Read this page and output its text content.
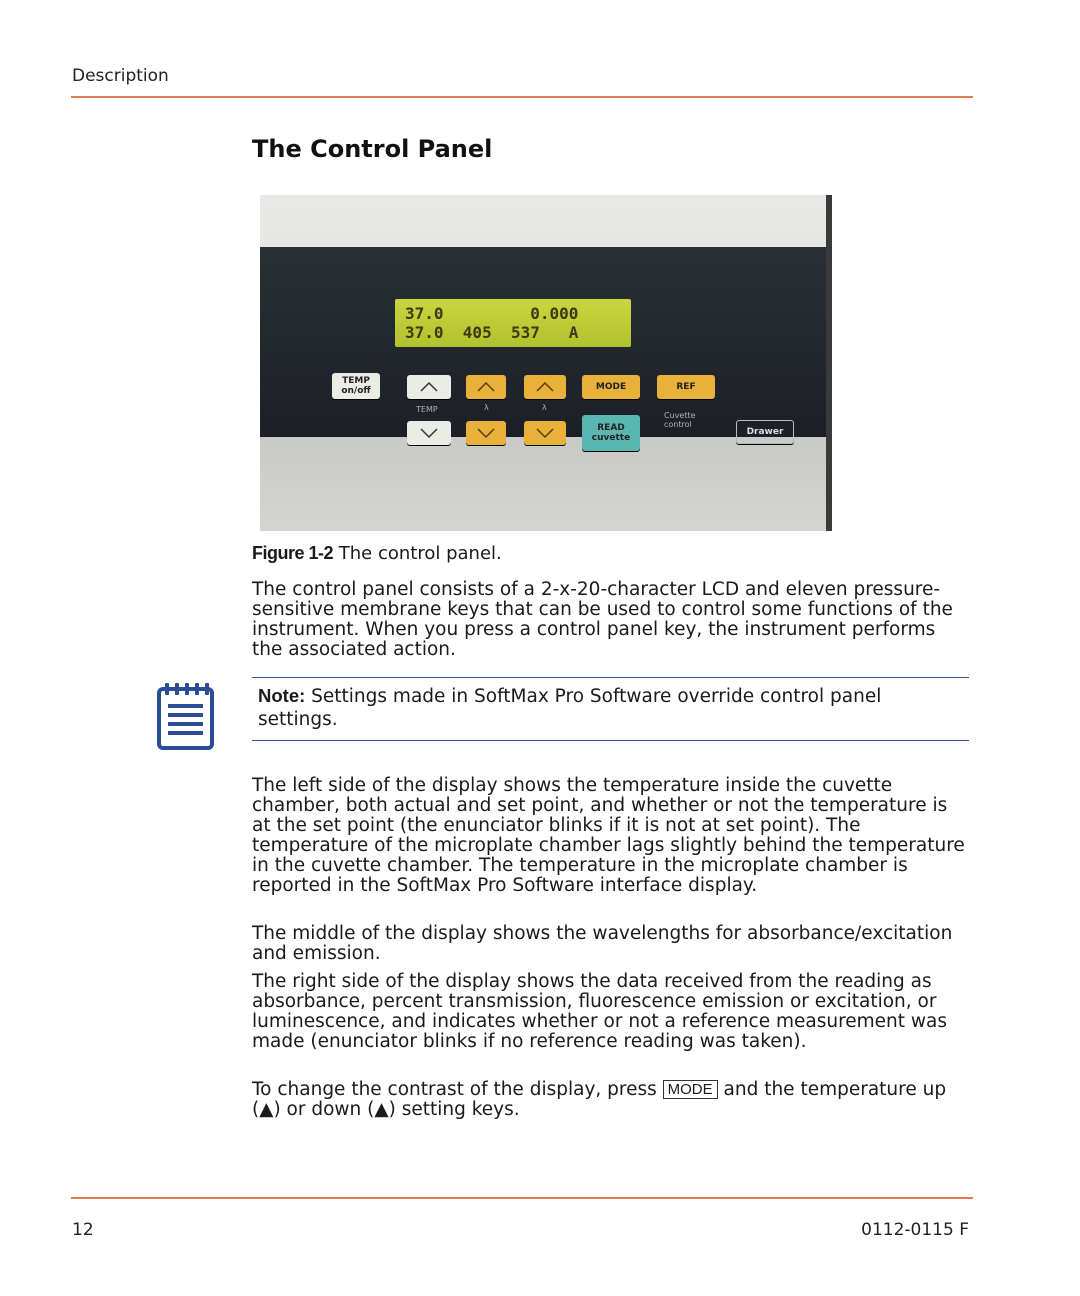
Description
The Control Panel
37.0         0.000
37.0  405  537   A
TEMP on/off
TEMP	λ	λ
MODE
READ cuvette
REF
Cuvette control
Drawer
Figure 1-2 The control panel.

The control panel consists of a 2-x-20-character LCD and eleven pressure-sensitive membrane keys that can be used to control some functions of the instrument. When you press a control panel key, the instrument performs the associated action.

Note: Settings made in SoftMax Pro Software override control panel settings.

The left side of the display shows the temperature inside the cuvette chamber, both actual and set point, and whether or not the temperature is at the set point (the enunciator blinks if it is not at set point). The temperature of the microplate chamber lags slightly behind the temperature in the cuvette chamber. The temperature in the microplate chamber is reported in the SoftMax Pro Software interface display.

The middle of the display shows the wavelengths for absorbance/excitation and emission.

The right side of the display shows the data received from the reading as absorbance, percent transmission, fluorescence emission or excitation, or luminescence, and indicates whether or not a reference measurement was made (enunciator blinks if no reference reading was taken).

To change the contrast of the display, press MODE and the temperature up (▲) or down (▲) setting keys.

12	0112-0115 F
